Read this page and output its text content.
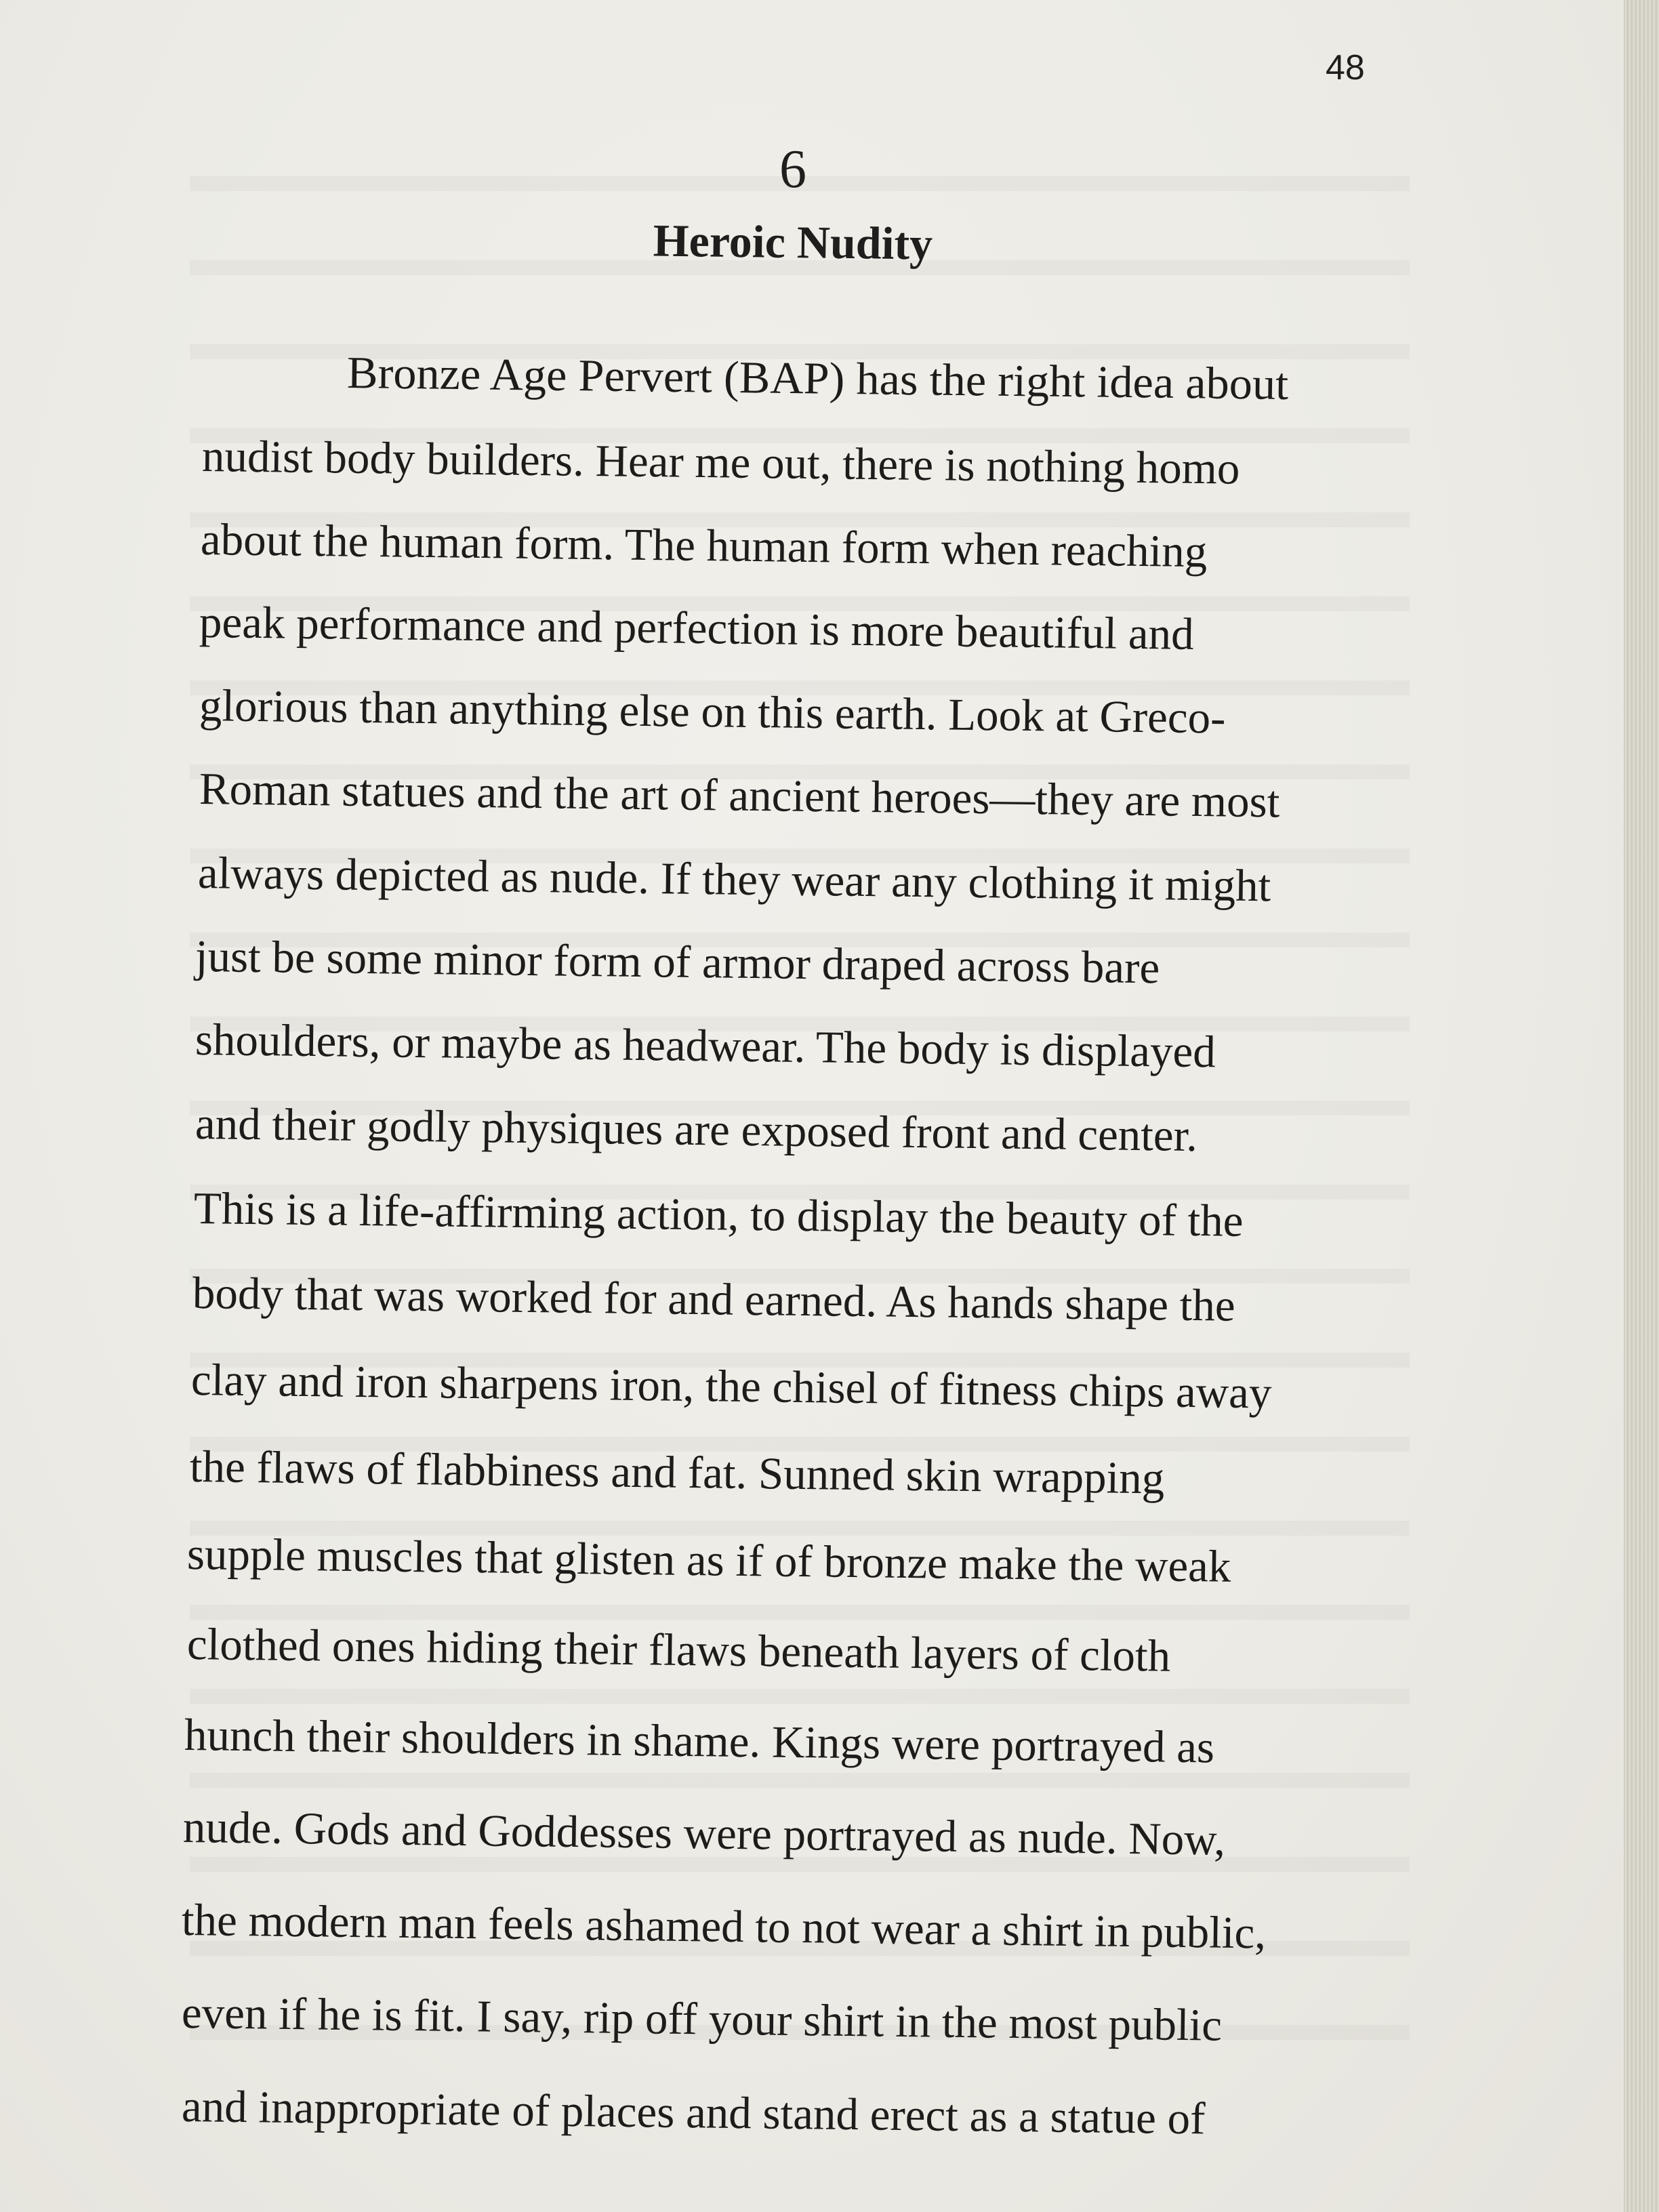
48
6
Heroic Nudity
Bronze Age Pervert (BAP) has the right idea about
nudist body builders. Hear me out, there is nothing homo
about the human form. The human form when reaching
peak performance and perfection is more beautiful and
glorious than anything else on this earth. Look at Greco-
Roman statues and the art of ancient heroes—they are most
always depicted as nude. If they wear any clothing it might
just be some minor form of armor draped across bare
shoulders, or maybe as headwear. The body is displayed
and their godly physiques are exposed front and center.
This is a life-affirming action, to display the beauty of the
body that was worked for and earned. As hands shape the
clay and iron sharpens iron, the chisel of fitness chips away
the flaws of flabbiness and fat. Sunned skin wrapping
supple muscles that glisten as if of bronze make the weak
clothed ones hiding their flaws beneath layers of cloth
hunch their shoulders in shame. Kings were portrayed as
nude. Gods and Goddesses were portrayed as nude. Now,
the modern man feels ashamed to not wear a shirt in public,
even if he is fit. I say, rip off your shirt in the most public
and inappropriate of places and stand erect as a statue of
